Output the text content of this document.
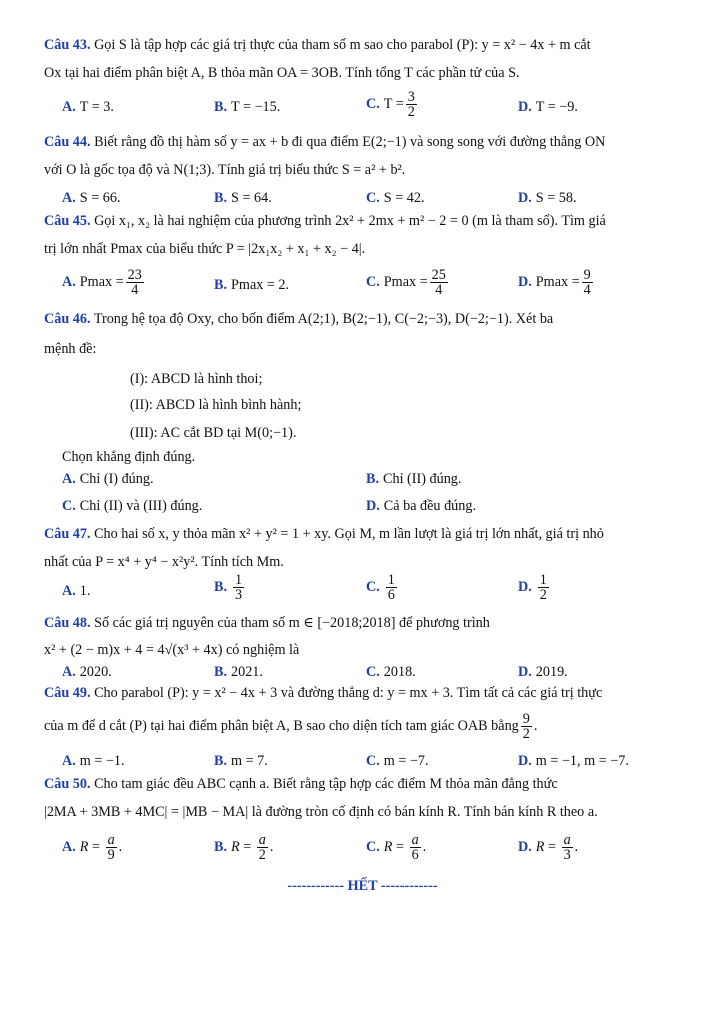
Câu 43. Gọi S là tập hợp các giá trị thực của tham số m sao cho parabol (P): y = x² − 4x + m cắt
Ox tại hai điểm phân biệt A, B thỏa mãn OA = 3OB. Tính tổng T các phần tử của S.
A. T = 3.	B. T = −15.	C. $T = \frac{3}{2}$	D. T = −9.
Câu 44. Biết rằng đồ thị hàm số y = ax + b đi qua điểm E(2;−1) và song song với đường thẳng ON
với O là gốc tọa độ và N(1;3). Tính giá trị biểu thức S = a² + b².
A. S = 66.	B. S = 64.	C. S = 42.	D. S = 58.
Câu 45. Gọi x₁, x₂ là hai nghiệm của phương trình 2x² + 2mx + m² − 2 = 0 (m là tham số). Tìm giá
trị lớn nhất Pmax của biểu thức P = |2x₁x₂ + x₁ + x₂ − 4|.
A. $Pmax = \frac{23}{4}$	B. Pmax = 2.	C. $Pmax = \frac{25}{4}$	D. $Pmax = \frac{9}{4}$
Câu 46. Trong hệ tọa độ Oxy, cho bốn điểm A(2;1), B(2;−1), C(−2;−3), D(−2;−1). Xét ba
mệnh đề:
(I): ABCD là hình thoi;
(II): ABCD là hình bình hành;
(III): AC cắt BD tại M(0;−1).
Chọn khẳng định đúng.
A. Chỉ (I) đúng.	B. Chỉ (II) đúng.
C. Chỉ (II) và (III) đúng.	D. Cả ba đều đúng.
Câu 47. Cho hai số x, y thỏa mãn x² + y² = 1 + xy. Gọi M, m lần lượt là giá trị lớn nhất, giá trị nhỏ
nhất của P = x⁴ + y⁴ − x²y². Tính tích Mm.
A. 1.	B. $\frac{1}{3}$	C. $\frac{1}{6}$	D. $\frac{1}{2}$
Câu 48. Số các giá trị nguyên của tham số m ∈ [−2018;2018] để phương trình
x² + (2 − m)x + 4 = 4√(x³ + 4x) có nghiệm là
A. 2020.	B. 2021.	C. 2018.	D. 2019.
Câu 49. Cho parabol (P): y = x² − 4x + 3 và đường thẳng d: y = mx + 3. Tìm tất cả các giá trị thực
của m để d cắt (P) tại hai điểm phân biệt A, B sao cho diện tích tam giác OAB bằng $\frac{9}{2}$ .
A. m = −1.	B. m = 7.	C. m = −7.	D. m = −1, m = −7.
Câu 50. Cho tam giác đều ABC cạnh a. Biết rằng tập hợp các điểm M thỏa mãn đẳng thức
|2MA + 3MB + 4MC| = |MB − MA| là đường tròn cố định có bán kính R. Tính bán kính R theo a.
A. $R = \frac{a}{9}$ .	B. $R = \frac{a}{2}$ .	C. $R = \frac{a}{6}$ .	D. $R = \frac{a}{3}$ .
------------ HẾT ------------
